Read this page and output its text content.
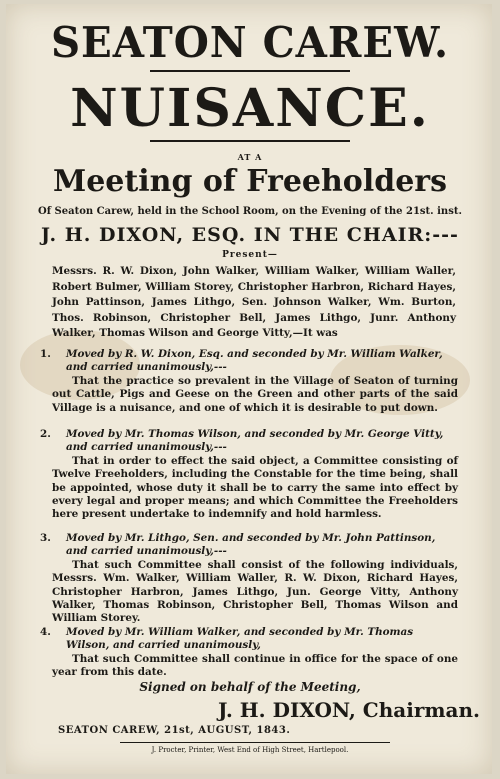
SEATON CAREW.
NUISANCE.
AT A
Meeting of Freeholders
Of Seaton Carew, held in the School Room, on the Evening of the 21st. inst.
J. H. DIXON, ESQ. IN THE CHAIR:---
Present—
Messrs. R. W. Dixon, John Walker, William Walker, William Waller, Robert Bulmer, William Storey, Christopher Harbron, Richard Hayes, John Pattinson, James Lithgo, Sen. Johnson Walker, Wm. Burton, Thos. Robinson, Christopher Bell, James Lithgo, Junr. Anthony Walker, Thomas Wilson and George Vitty,—It was
1. Moved by R. W. Dixon, Esq. and seconded by Mr. William Walker, and carried unanimously,---
That the practice so prevalent in the Village of Seaton of turning out Cattle, Pigs and Geese on the Green and other parts of the said Village is a nuisance, and one of which it is desirable to put down.
2. Moved by Mr. Thomas Wilson, and seconded by Mr. George Vitty, and carried unanimously,---
That in order to effect the said object, a Committee consisting of Twelve Freeholders, including the Constable for the time being, shall be appointed, whose duty it shall be to carry the same into effect by every legal and proper means; and which Committee the Freeholders here present undertake to indemnify and hold harmless.
3. Moved by Mr. Lithgo, Sen. and seconded by Mr. John Pattinson, and carried unanimously,---
That such Committee shall consist of the following individuals, Messrs. Wm. Walker, William Waller, R. W. Dixon, Richard Hayes, Christopher Harbron, James Lithgo, Jun. George Vitty, Anthony Walker, Thomas Robinson, Christopher Bell, Thomas Wilson and William Storey.
4. Moved by Mr. William Walker, and seconded by Mr. Thomas Wilson, and carried unanimously,
That such Committee shall continue in office for the space of one year from this date.
Signed on behalf of the Meeting,
J. H. DIXON, Chairman.
SEATON CAREW, 21st, AUGUST, 1843.
J. Procter, Printer, West End of High Street, Hartlepool.
